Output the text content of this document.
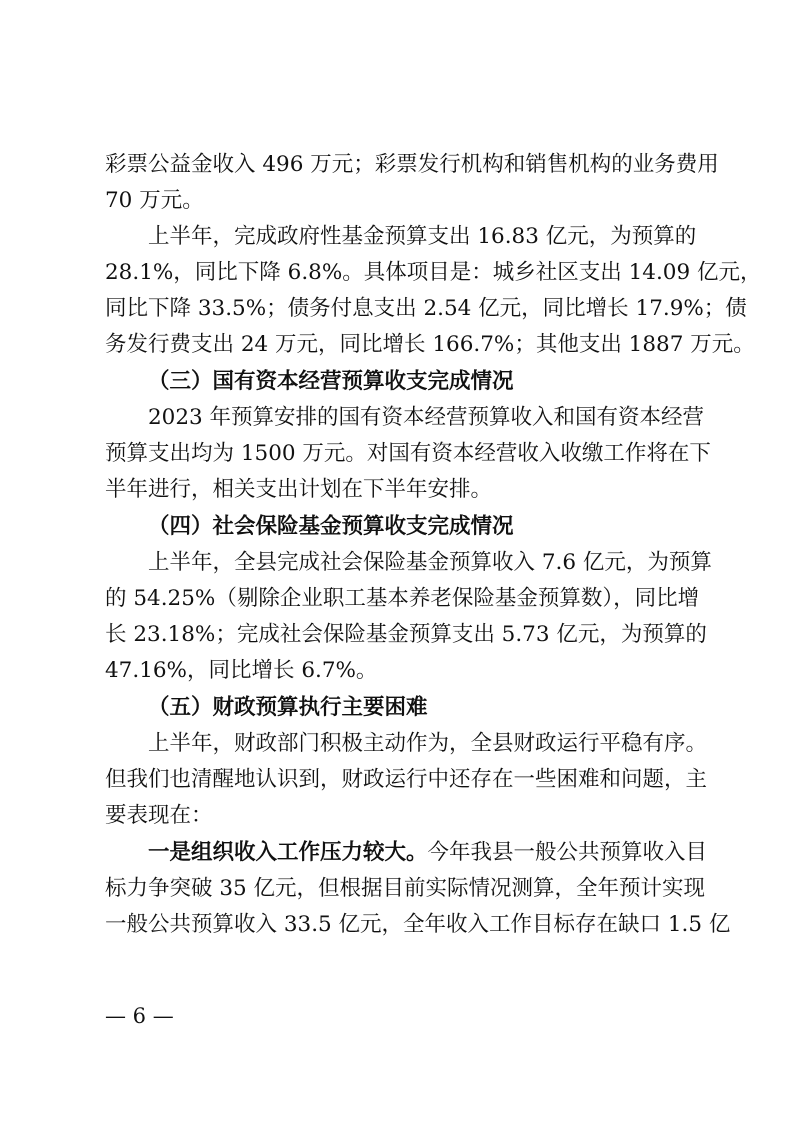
彩票公益金收入 496 万元；彩票发行机构和销售机构的业务费用
70 万元。
上半年，完成政府性基金预算支出 16.83 亿元，为预算的
28.1%，同比下降 6.8%。具体项目是：城乡社区支出 14.09 亿元，
同比下降 33.5%；债务付息支出 2.54 亿元，同比增长 17.9%；债
务发行费支出 24 万元，同比增长 166.7%；其他支出 1887 万元。
（三）国有资本经营预算收支完成情况
2023 年预算安排的国有资本经营预算收入和国有资本经营
预算支出均为 1500 万元。对国有资本经营收入收缴工作将在下
半年进行，相关支出计划在下半年安排。
（四）社会保险基金预算收支完成情况
上半年，全县完成社会保险基金预算收入 7.6 亿元，为预算
的 54.25%（剔除企业职工基本养老保险基金预算数），同比增
长 23.18%；完成社会保险基金预算支出 5.73 亿元，为预算的
47.16%，同比增长 6.7%。
（五）财政预算执行主要困难
上半年，财政部门积极主动作为，全县财政运行平稳有序。
但我们也清醒地认识到，财政运行中还存在一些困难和问题，主
要表现在：
一是组织收入工作压力较大。今年我县一般公共预算收入目
标力争突破 35 亿元，但根据目前实际情况测算，全年预计实现
一般公共预算收入 33.5 亿元，全年收入工作目标存在缺口 1.5 亿
— 6 —
